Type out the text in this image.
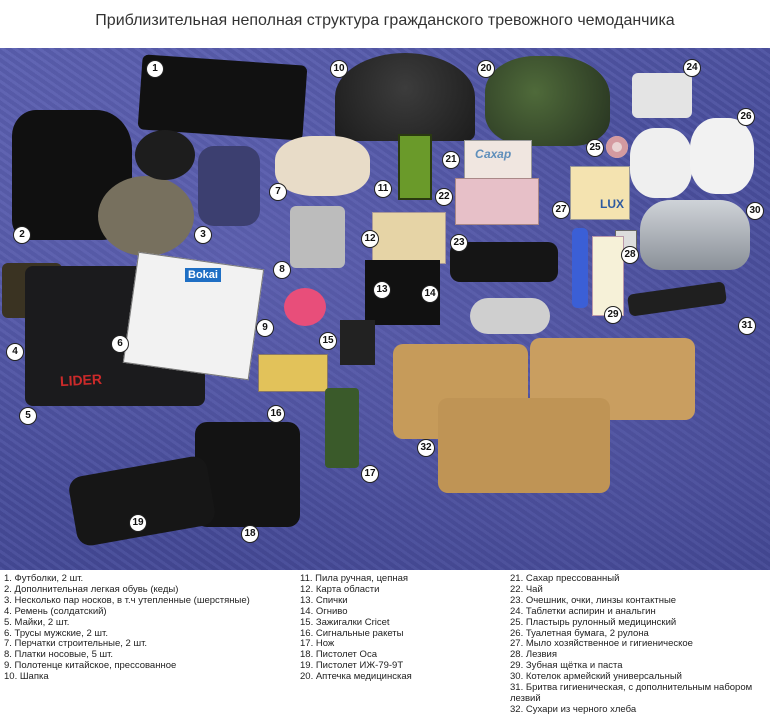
Приблизительная неполная структура гражданского тревожного чемоданчика
1
2	3
4
5
6
7
8
9
10
11
12
13	14
15
16
17
18
19
20
21
22
23
24
25
26
27
28
29
30
31
32
Сахар
LUX
Bokai
LIDER
1. Футболки, 2 шт.
2. Дополнительная легкая обувь (кеды)
3. Несколько пар носков, в т.ч утепленные (шерстяные)
4. Ремень (солдатский)
5. Майки, 2 шт.
6. Трусы мужские, 2 шт.
7. Перчатки строительные, 2 шт.
8. Платки носовые, 5 шт.
9. Полотенце китайское, прессованное
10. Шапка
11. Пила ручная, цепная
12. Карта области
13. Спички
14. Огниво
15. Зажигалки Cricet
16. Сигнальные ракеты
17. Нож
18. Пистолет Оса
19. Пистолет ИЖ-79-9Т
20. Аптечка медицинская
21. Сахар прессованный
22. Чай
23. Очешник, очки, линзы контактные
24. Таблетки аспирин и анальгин
25. Пластырь рулонный медицинский
26. Туалетная бумага, 2 рулона
27. Мыло хозяйственное и гигиеническое
28. Лезвия
29. Зубная щётка и паста
30. Котелок армейский универсальный
31. Бритва гигиеническая, с дополнительным набором лезвий
32. Сухари из черного хлеба
